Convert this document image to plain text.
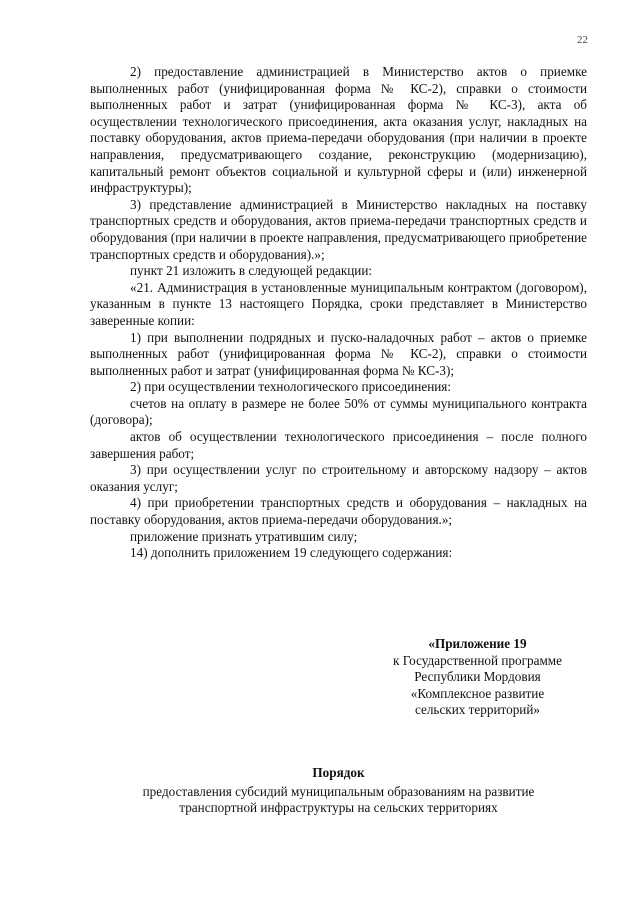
22

2) предоставление администрацией в Министерство актов о приемке выполненных работ (унифицированная форма № КС-2), справки о стоимости выполненных работ и затрат (унифицированная форма № КС-3), акта об осуществлении технологического присоединения, акта оказания услуг, накладных на поставку оборудования, актов приема-передачи оборудования (при наличии в проекте направления, предусматривающего создание, реконструкцию (модернизацию), капитальный ремонт объектов социальной и культурной сферы и (или) инженерной инфраструктуры);

3) представление администрацией в Министерство накладных на поставку транспортных средств и оборудования, актов приема-передачи транспортных средств и оборудования (при наличии в проекте направления, предусматривающего приобретение транспортных средств и оборудования).»;

пункт 21 изложить в следующей редакции:

«21. Администрация в установленные муниципальным контрактом (договором), указанным в пункте 13 настоящего Порядка, сроки представляет в Министерство заверенные копии:

1) при выполнении подрядных и пуско-наладочных работ – актов о приемке выполненных работ (унифицированная форма № КС-2), справки о стоимости выполненных работ и затрат (унифицированная форма № КС-3);

2) при осуществлении технологического присоединения:

счетов на оплату в размере не более 50% от суммы муниципального контракта (договора);

актов об осуществлении технологического присоединения – после полного завершения работ;

3) при осуществлении услуг по строительному и авторскому надзору – актов оказания услуг;

4) при приобретении транспортных средств и оборудования – накладных на поставку оборудования, актов приема-передачи оборудования.»;

приложение признать утратившим силу;

14) дополнить приложением 19 следующего содержания:

«Приложение 19
к Государственной программе
Республики Мордовия
«Комплексное развитие
сельских территорий»
Порядок
предоставления субсидий муниципальным образованиям на развитие
транспортной инфраструктуры на сельских территориях
